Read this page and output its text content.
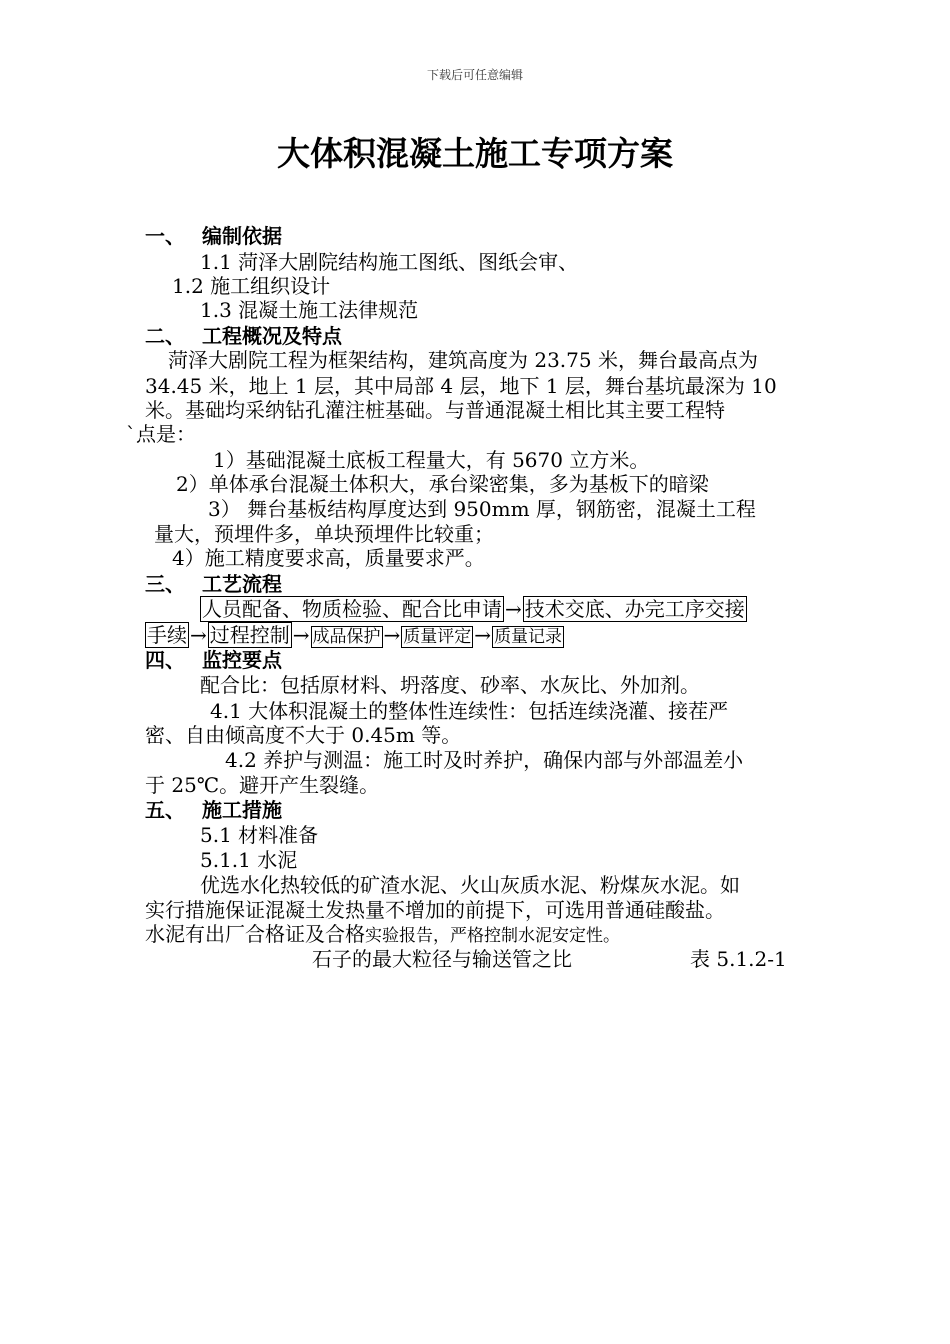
下载后可任意编辑
大体积混凝土施工专项方案
一、 编制依据
1.1 菏泽大剧院结构施工图纸、图纸会审、
1.2 施工组织设计
1.3 混凝土施工法律规范
二、 工程概况及特点
菏泽大剧院工程为框架结构，建筑高度为 23.75 米，舞台最高点为
34.45 米，地上 1 层，其中局部 4 层，地下 1 层，舞台基坑最深为 10
米。基础均采纳钻孔灌注桩基础。与普通混凝土相比其主要工程特
`点是：
1）基础混凝土底板工程量大，有 5670 立方米。
2）单体承台混凝土体积大，承台梁密集，多为基板下的暗梁
3） 舞台基板结构厚度达到 950mm 厚，钢筋密，混凝土工程
量大，预埋件多，单块预埋件比较重；
4）施工精度要求高，质量要求严。
三、 工艺流程
人员配备、物质检验、配合比申请 → 技术交底、办完工序交接
手续 → 过程控制 → 成品保护 → 质量评定 → 质量记录
四、 监控要点
配合比：包括原材料、坍落度、砂率、水灰比、外加剂。
4.1 大体积混凝土的整体性连续性：包括连续浇灌、接茬严
密、自由倾高度不大于 0.45m 等。
4.2 养护与测温：施工时及时养护，确保内部与外部温差小
于 25℃。避开产生裂缝。
五、 施工措施
5.1 材料准备
5.1.1 水泥
优选水化热较低的矿渣水泥、火山灰质水泥、粉煤灰水泥。如
实行措施保证混凝土发热量不增加的前提下，可选用普通硅酸盐。
水泥有出厂合格证及合格实验报告，严格控制水泥安定性。
石子的最大粒径与输送管之比	表 5.1.2-1
